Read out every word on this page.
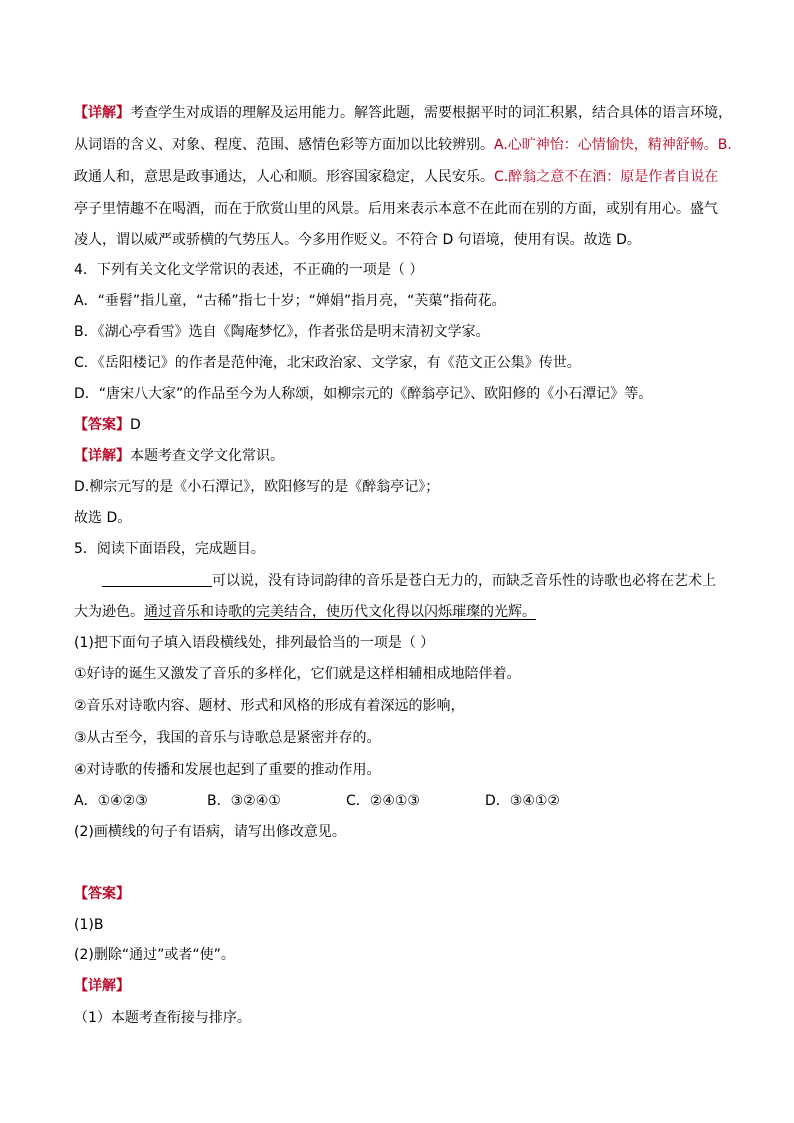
【详解】考查学生对成语的理解及运用能力。解答此题，需要根据平时的词汇积累，结合具体的语言环境，
从词语的含义、对象、程度、范围、感情色彩等方面加以比较辨别。A.心旷神怡：心情愉快，精神舒畅。B.
政通人和，意思是政事通达，人心和顺。形容国家稳定，人民安乐。C.醉翁之意不在酒：原是作者自说在
亭子里情趣不在喝酒，而在于欣赏山里的风景。后用来表示本意不在此而在别的方面，或别有用心。盛气
凌人，谓以威严或骄横的气势压人。今多用作贬义。不符合 D 句语境，使用有误。故选 D。
4．下列有关文化文学常识的表述，不正确的一项是（ ）
A．“垂髫”指儿童，“古稀”指七十岁；“婵娟”指月亮，“芙蕖”指荷花。
B．《湖心亭看雪》选自《陶庵梦忆》，作者张岱是明末清初文学家。
C．《岳阳楼记》的作者是范仲淹，北宋政治家、文学家，有《范文正公集》传世。
D．“唐宋八大家”的作品至今为人称颂，如柳宗元的《醉翁亭记》、欧阳修的《小石潭记》等。
【答案】D
【详解】本题考查文学文化常识。
D.柳宗元写的是《小石潭记》，欧阳修写的是《醉翁亭记》；
故选 D。
5．阅读下面语段，完成题目。
可以说，没有诗词韵律的音乐是苍白无力的，而缺乏音乐性的诗歌也必将在艺术上
大为逊色。通过音乐和诗歌的完美结合，使历代文化得以闪烁璀璨的光辉。
(1)把下面句子填入语段横线处，排列最恰当的一项是（ ）
①好诗的诞生又激发了音乐的多样化，它们就是这样相辅相成地陪伴着。
②音乐对诗歌内容、题材、形式和风格的形成有着深远的影响，
③从古至今，我国的音乐与诗歌总是紧密并存的。
④对诗歌的传播和发展也起到了重要的推动作用。
A．①④②③	B．③②④①	C．②④①③	D．③④①②
(2)画横线的句子有语病，请写出修改意见。
【答案】
(1)B
(2)删除“通过”或者“使”。
【详解】
（1）本题考查衔接与排序。
